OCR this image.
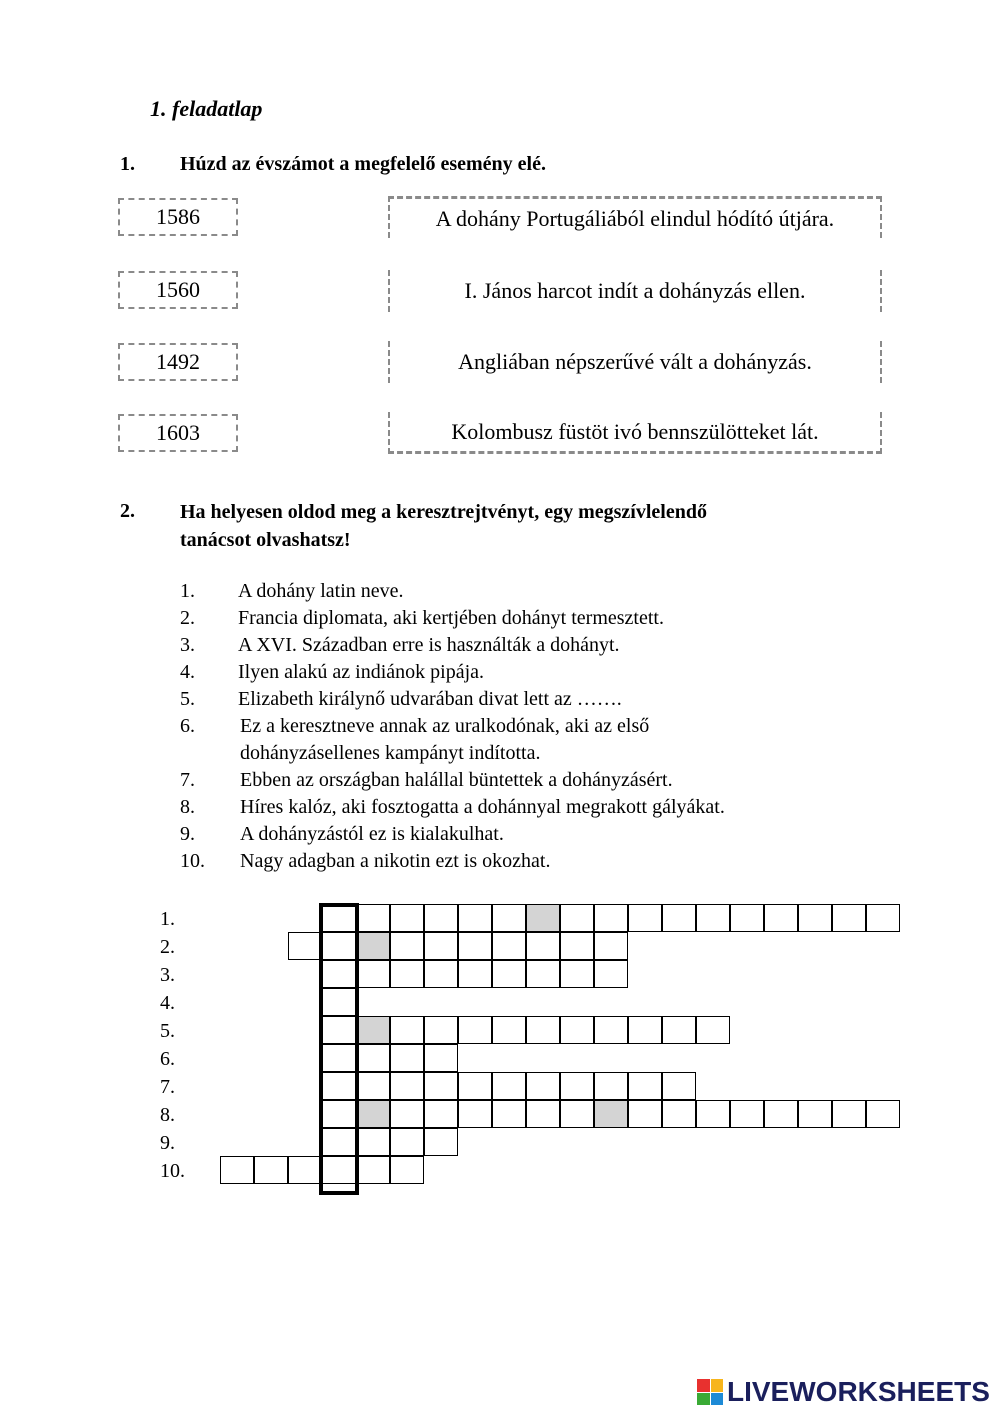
1. feladatlap
1. Húzd az évszámot a megfelelő esemény elé.
1586
1560
1492
1603
A dohány Portugáliából elindul hódító útjára.
I. János harcot indít a dohányzás ellen.
Angliában népszerűvé vált a dohányzás.
Kolombusz füstöt ivó bennszülötteket lát.
2. Ha helyesen oldod meg a keresztrejtvényt, egy megszívlelendő
tanácsot olvashatsz!
1. A dohány latin neve.
2. Francia diplomata, aki kertjében dohányt termesztett.
3. A XVI. Században erre is használták a dohányt.
4. Ilyen alakú az indiánok pipája.
5. Elizabeth királynő udvarában divat lett az …….
6. Ez a keresztneve annak az uralkodónak, aki az első
dohányzásellenes kampányt indította.
7. Ebben az országban halállal büntettek a dohányzásért.
8. Híres kalóz, aki fosztogatta a dohánnyal megrakott gályákat.
9. A dohányzástól ez is kialakulhat.
10. Nagy adagban a nikotin ezt is okozhat.
1.
2.
3.
4.
5.
6.
7.
8.
9.
10.
LIVEWORKSHEETS
